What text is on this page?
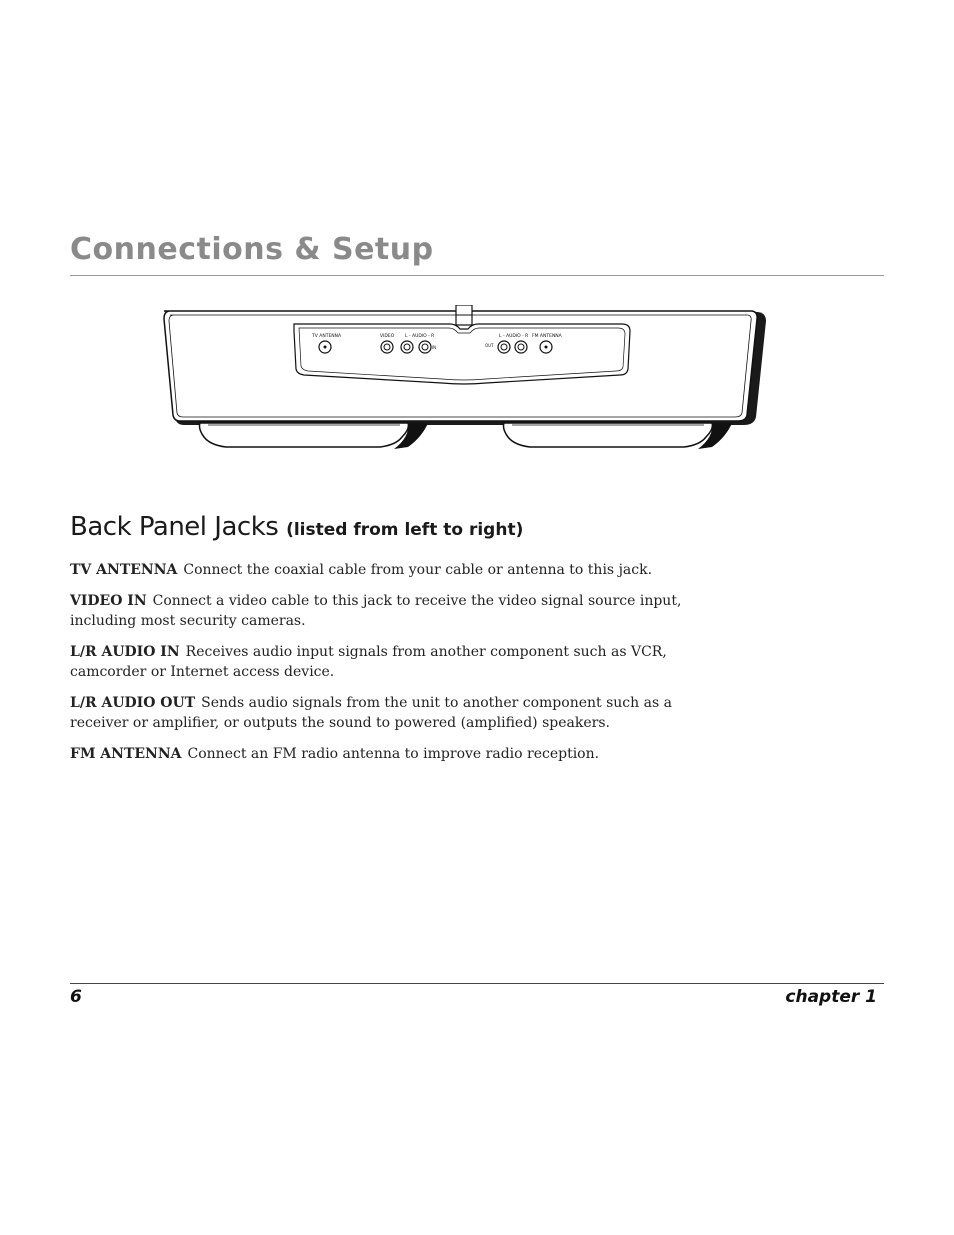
Connections & Setup
TV ANTENNA	VIDEO L - AUDIO - R
IN	OUT
L - AUDIO - R FM ANTENNA
Back Panel Jacks (listed from left to right)

TV ANTENNA Connect the coaxial cable from your cable or antenna to this jack.

VIDEO IN Connect a video cable to this jack to receive the video signal source input, including most security cameras.

L/R AUDIO IN Receives audio input signals from another component such as VCR, camcorder or Internet access device.

L/R AUDIO OUT Sends audio signals from the unit to another component such as a receiver or amplifier, or outputs the sound to powered (amplified) speakers.

FM ANTENNA Connect an FM radio antenna to improve radio reception.

6	chapter 1
